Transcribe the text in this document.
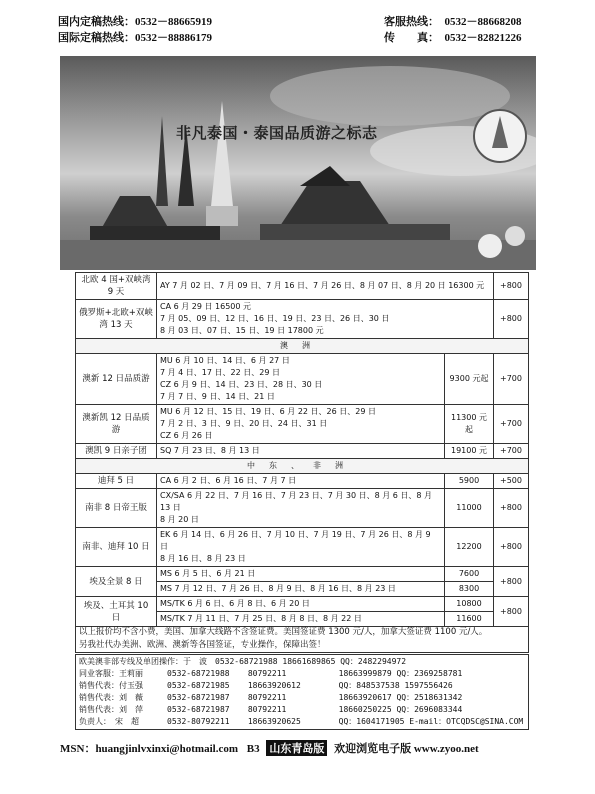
国内定稿热线：0532－88665919
国际定稿热线：0532－88886179
客服热线：　0532－88668208
传　　真：　0532－82821226
非凡泰国・泰国品质游之标志
北欧 4 国+双峡湾 9 天	AY 7 月 02 日、7 月 09 日、7 月 16 日、7 月 26 日、8 月 07 日、8 月 20 日 16300 元		+800
俄罗斯+北欧+双峡湾 13 天	CA 6 月 29 日 16500 元
7 月 05、09 日、12 日、16 日、19 日、23 日、26 日、30 日
8 月 03 日、07 日、15 日、19 日 17800 元		+800
澳洲			
澳新 12 日品质游	MU 6 月 10 日、14 日、6 月 27 日
7 月 4 日、17 日、22 日、29 日
CZ 6 月 9 日、14 日、23 日、28 日、30 日
7 月 7 日、9 日、14 日、21 日	9300 元起	+700
澳新凯 12 日品质游	MU 6 月 12 日、15 日、19 日、6 月 22 日、26 日、29 日
7 月 2 日、3 日、9 日、20 日、24 日、31 日
CZ 6 月 26 日	11300 元起	+700
澳凯 9 日亲子团	SQ 7 月 23 日、8 月 13 日	19100 元	+700
中东、非洲			
迪拜 5 日	CA 6 月 2 日、6 月 16 日、7 月 7 日	5900	+500
南非 8 日帝王版	CX/SA 6 月 22 日、7 月 16 日、7 月 23 日、7 月 30 日、8 月 6 日、8 月 13 日
8 月 20 日	11000	+800
南非、迪拜 10 日	EK 6 月 14 日、6 月 26 日、7 月 10 日、7 月 19 日、7 月 26 日、8 月 9 日
8 月 16 日、8 月 23 日	12200	+800
埃及全景 8 日	MS 6 月 5 日、6 月 21 日	7600	+800
	MS 7 月 12 日、7 月 26 日、8 月 9 日、8 月 16 日、8 月 23 日	8300	
埃及、土耳其 10 日	MS/TK 6 月 6 日、6 月 8 日、6 月 20 日	10800	+800
	MS/TK 7 月 11 日、7 月 25 日、8 月 8 日、8 月 22 日	11600	
以上报价均不含小费，美国、加拿大线路不含签证费。美国签证费 1300 元/人，加拿大签证费 1100 元/人。
另我社代办美洲、欧洲、澳新等各国签证，专业操作，保障出签！
欧美澳非部专线及单团操作：于　波　0532-68721988 18661689865 QQ：2482294972
同业客服：王莉丽	0532-68721988 80792211	18663999879 QQ：2369258781
销售代表：付玉强	0532-68721985 18663920612	QQ：848537538 1597556426
销售代表：刘　薇	0532-68721987 80792211	18663920617 QQ：2518631342
销售代表：刘　萍	0532-68721987 80792211	18660250225 QQ：2696083344
负责人：　宋　超	0532-80792211 18663920625	QQ：1604171905 E-mail：OTCQDSC@SINA.COM
MSN：huangjinlvxinxi@hotmail.com B3 山东青岛版 欢迎浏览电子版 www.zyoo.net
